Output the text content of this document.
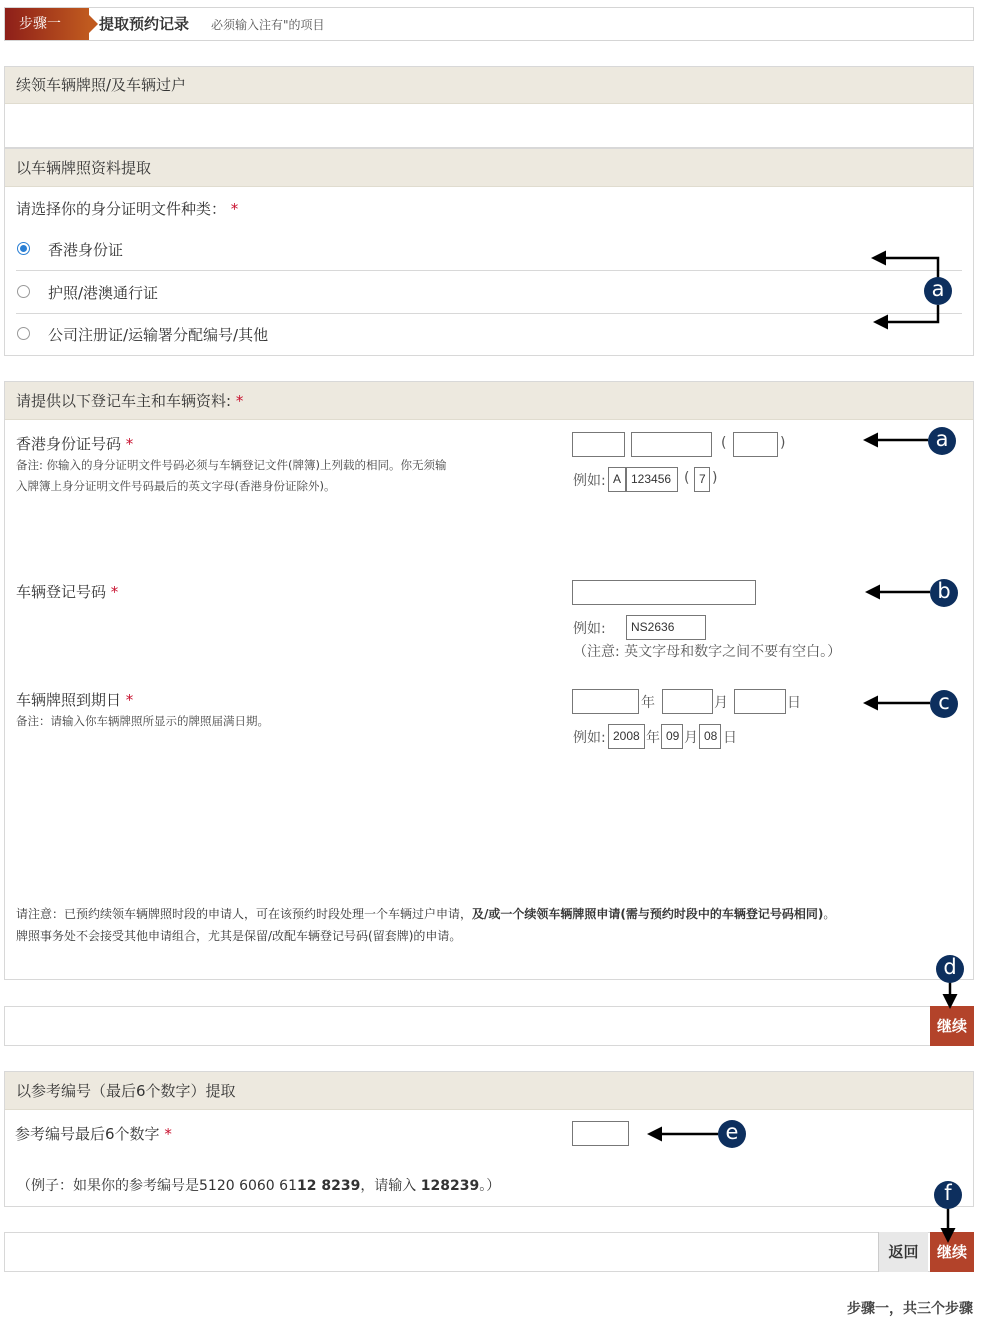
步骤一	提取预约记录 必须输入注有"的项目
续领车辆牌照/及车辆过户
以车辆牌照资料提取
请选择你的身分证明文件种类： *
香港身份证
护照/港澳通行证
公司注册证/运输署分配编号/其他
请提供以下登记车主和车辆资料: *
香港身份证号码 *
备注: 你输入的身分证明文件号码必须与车辆登记文件(牌簿)上列载的相同。你无须输
入牌簿上身分证明文件号码最后的英文字母(香港身份证除外)。
(	)
例如: A 123456 ( 7 )
车辆登记号码 *
例如:	NS2636
（注意: 英文字母和数字之间不要有空白。）
车辆牌照到期日 *
备注：请输入你车辆牌照所显示的牌照届满日期。
年	月	日
例如: 2008 年 09 月 08 日
请注意：已预约续领车辆牌照时段的申请人，可在该预约时段处理一个车辆过户申请，及/或一个续领车辆牌照申请(需与预约时段中的车辆登记号码相同)。
牌照事务处不会接受其他申请组合，尤其是保留/改配车辆登记号码(留套牌)的申请。
继续
以参考编号（最后6个数字）提取
参考编号最后6个数字 *
（例子：如果你的参考编号是5120 6060 6112 8239，请输入 128239。）
返回	继续
步骤一，共三个步骤
a
a
b
c
d
e
f
